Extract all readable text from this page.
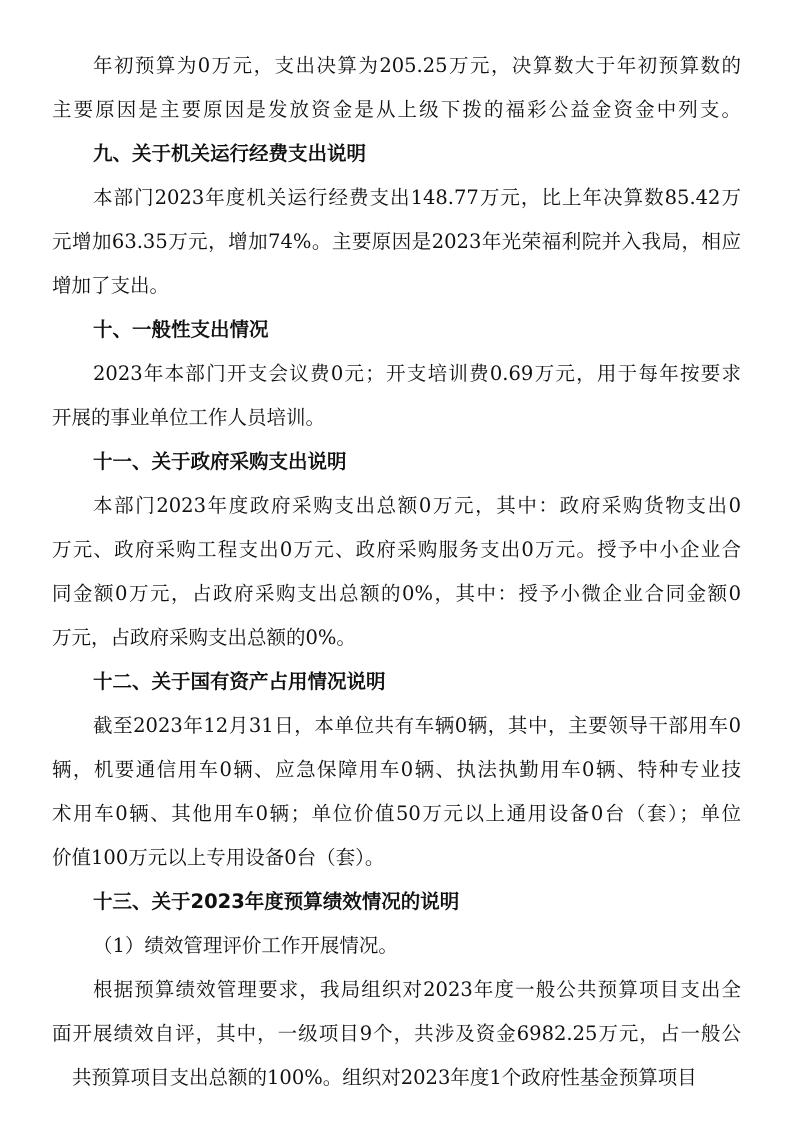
年初预算为0万元，支出决算为205.25万元，决算数大于年初预算数的
主要原因是主要原因是发放资金是从上级下拨的福彩公益金资金中列支。
九、关于机关运行经费支出说明
本部门2023年度机关运行经费支出148.77万元，比上年决算数85.42万
元增加63.35万元，增加74%。主要原因是2023年光荣福利院并入我局，相应
增加了支出。
十、一般性支出情况
2023年本部门开支会议费0元；开支培训费0.69万元，用于每年按要求
开展的事业单位工作人员培训。
十一、关于政府采购支出说明
本部门2023年度政府采购支出总额0万元，其中：政府采购货物支出0
万元、政府采购工程支出0万元、政府采购服务支出0万元。授予中小企业合
同金额0万元，占政府采购支出总额的0%，其中：授予小微企业合同金额0
万元，占政府采购支出总额的0%。
十二、关于国有资产占用情况说明
截至2023年12月31日，本单位共有车辆0辆，其中，主要领导干部用车0
辆，机要通信用车0辆、应急保障用车0辆、执法执勤用车0辆、特种专业技
术用车0辆、其他用车0辆；单位价值50万元以上通用设备0台（套）；单位
价值100万元以上专用设备0台（套）。
十三、关于2023年度预算绩效情况的说明
（1）绩效管理评价工作开展情况。
根据预算绩效管理要求，我局组织对2023年度一般公共预算项目支出全
面开展绩效自评，其中，一级项目9个，共涉及资金6982.25万元，占一般公
共预算项目支出总额的100%。组织对2023年度1个政府性基金预算项目
